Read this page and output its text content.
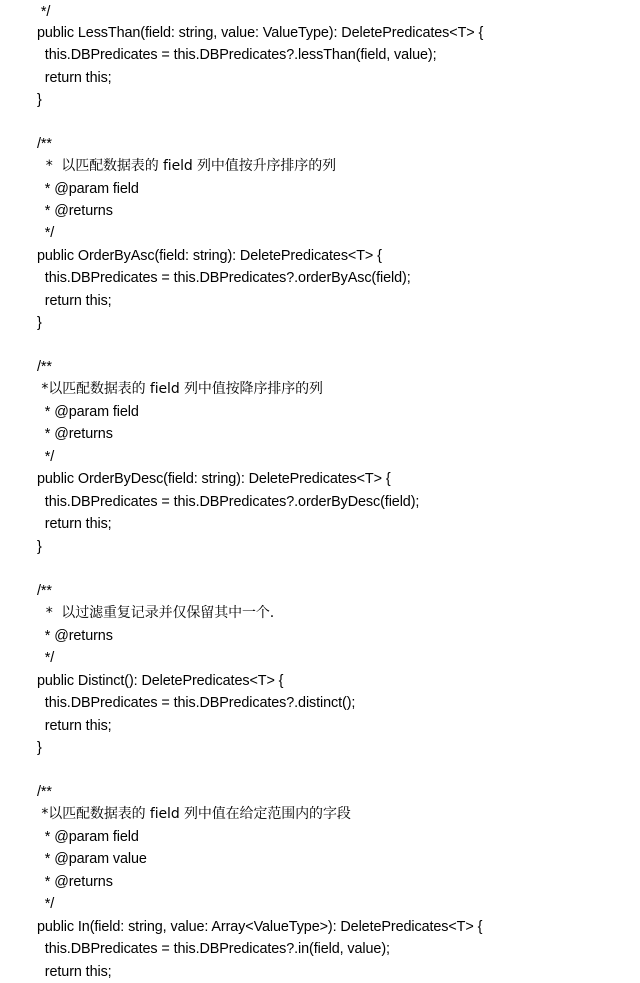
*/
public LessThan(field: string, value: ValueType): DeletePredicates<T> {
this.DBPredicates = this.DBPredicates?.lessThan(field, value);
return this;
}
/**
*  以匹配数据表的 field 列中值按升序排序的列
* @param field
* @returns
*/
public OrderByAsc(field: string): DeletePredicates<T> {
this.DBPredicates = this.DBPredicates?.orderByAsc(field);
return this;
}
/**
*以匹配数据表的 field 列中值按降序排序的列
* @param field
* @returns
*/
public OrderByDesc(field: string): DeletePredicates<T> {
this.DBPredicates = this.DBPredicates?.orderByDesc(field);
return this;
}
/**
*  以过滤重复记录并仅保留其中一个.
* @returns
*/
public Distinct(): DeletePredicates<T> {
this.DBPredicates = this.DBPredicates?.distinct();
return this;
}
/**
*以匹配数据表的 field 列中值在给定范围内的字段
* @param field
* @param value
* @returns
*/
public In(field: string, value: Array<ValueType>): DeletePredicates<T> {
this.DBPredicates = this.DBPredicates?.in(field, value);
return this;
